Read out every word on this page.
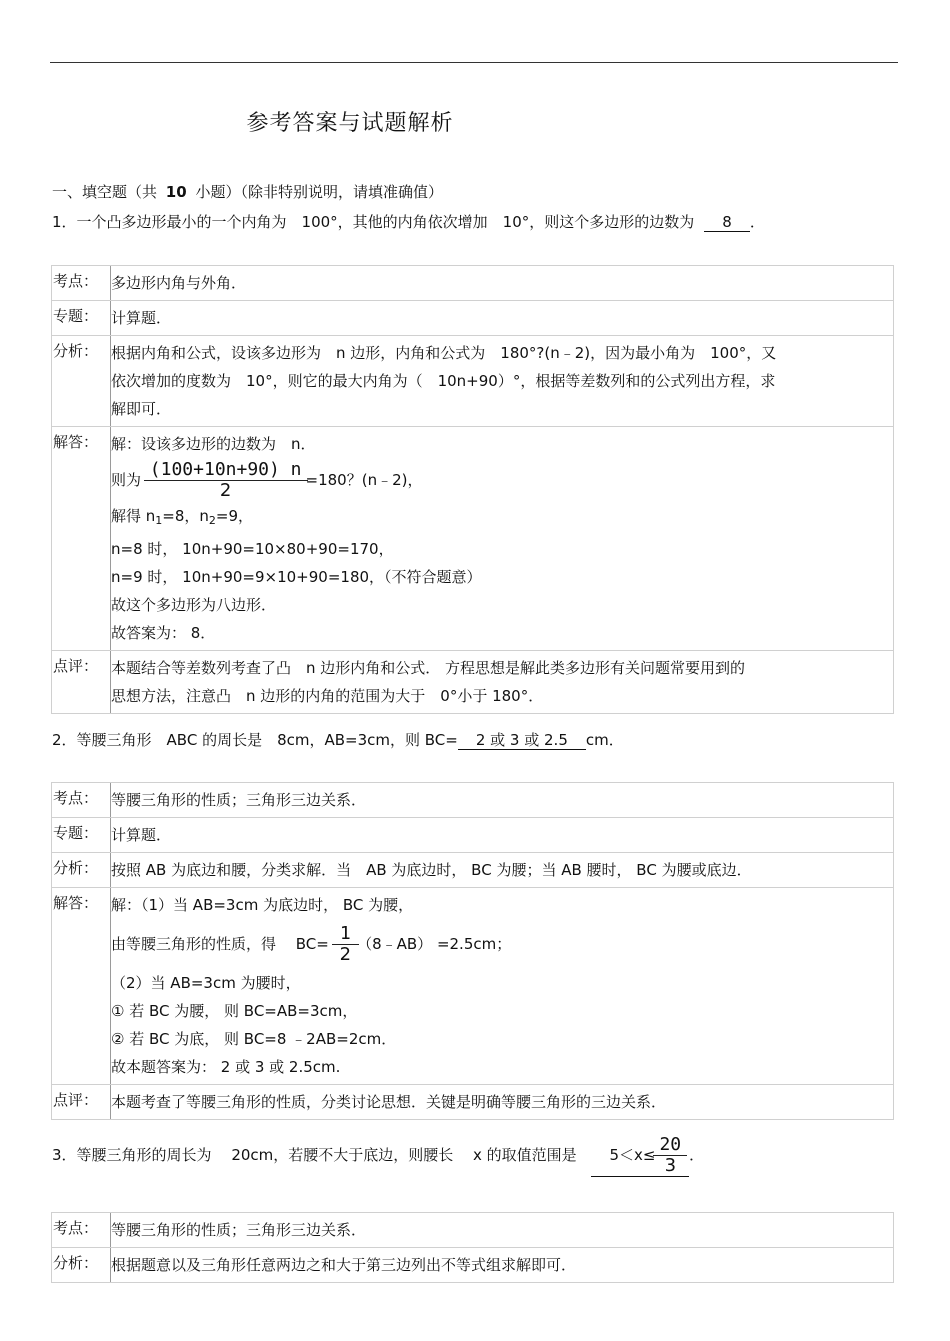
参考答案与试题解析
一、填空题（共 10 小题）（除非特别说明，请填准确值）
1．一个凸多边形最小的一个内角为　100°，其他的内角依次增加　10°，则这个多边形的边数为 8 ．
考点： 多边形内角与外角．

专题： 计算题．

分析： 根据内角和公式，设该多边形为　n 边形，内角和公式为　180°?(n﹣2)，因为最小角为　100°，又

依次增加的度数为　10°，则它的最大内角为（　10n+90）°，根据等差数列和的公式列出方程，求

解即可．

解答： 解：设该多边形的边数为　n．

则为 $\frac{(100+10n+90) n}{2} =180$？(n﹣2)，

解得 $n_1=8$，$n_2=9$，

n=8 时， 10n+90=10×80+90=170，

n=9 时， 10n+90=9×10+90=180，（不符合题意）

故这个多边形为八边形．

故答案为： 8．

点评： 本题结合等差数列考查了凸　n 边形内角和公式． 方程思想是解此类多边形有关问题常要用到的

思想方法，注意凸　n 边形的内角的范围为大于　0°小于 180°．

2．等腰三角形　ABC 的周长是　8cm，AB=3cm，则 BC= 2 或 3 或 2.5 cm．
考点： 等腰三角形的性质；三角形三边关系．

专题： 计算题．

分析： 按照 AB 为底边和腰，分类求解．当　AB 为底边时， BC 为腰；当 AB 腰时， BC 为腰或底边．

解答： 解：（1）当 AB=3cm 为底边时， BC 为腰，

由等腰三角形的性质，得　 $BC= \frac{1}{2}$ （8﹣AB） =2.5cm；

（2）当 AB=3cm 为腰时，

① 若 BC 为腰， 则 BC=AB=3cm，

② 若 BC 为底， 则 BC=8 ﹣2AB=2cm．

故本题答案为： 2 或 3 或 2.5cm.

点评： 本题考查了等腰三角形的性质，分类讨论思想．关键是明确等腰三角形的三边关系．

3．等腰三角形的周长为　 20cm，若腰不大于底边，则腰长　 x 的取值范围是 $5<x\le \frac{20}{3}$ ．
考点： 等腰三角形的性质；三角形三边关系．

分析： 根据题意以及三角形任意两边之和大于第三边列出不等式组求解即可．
